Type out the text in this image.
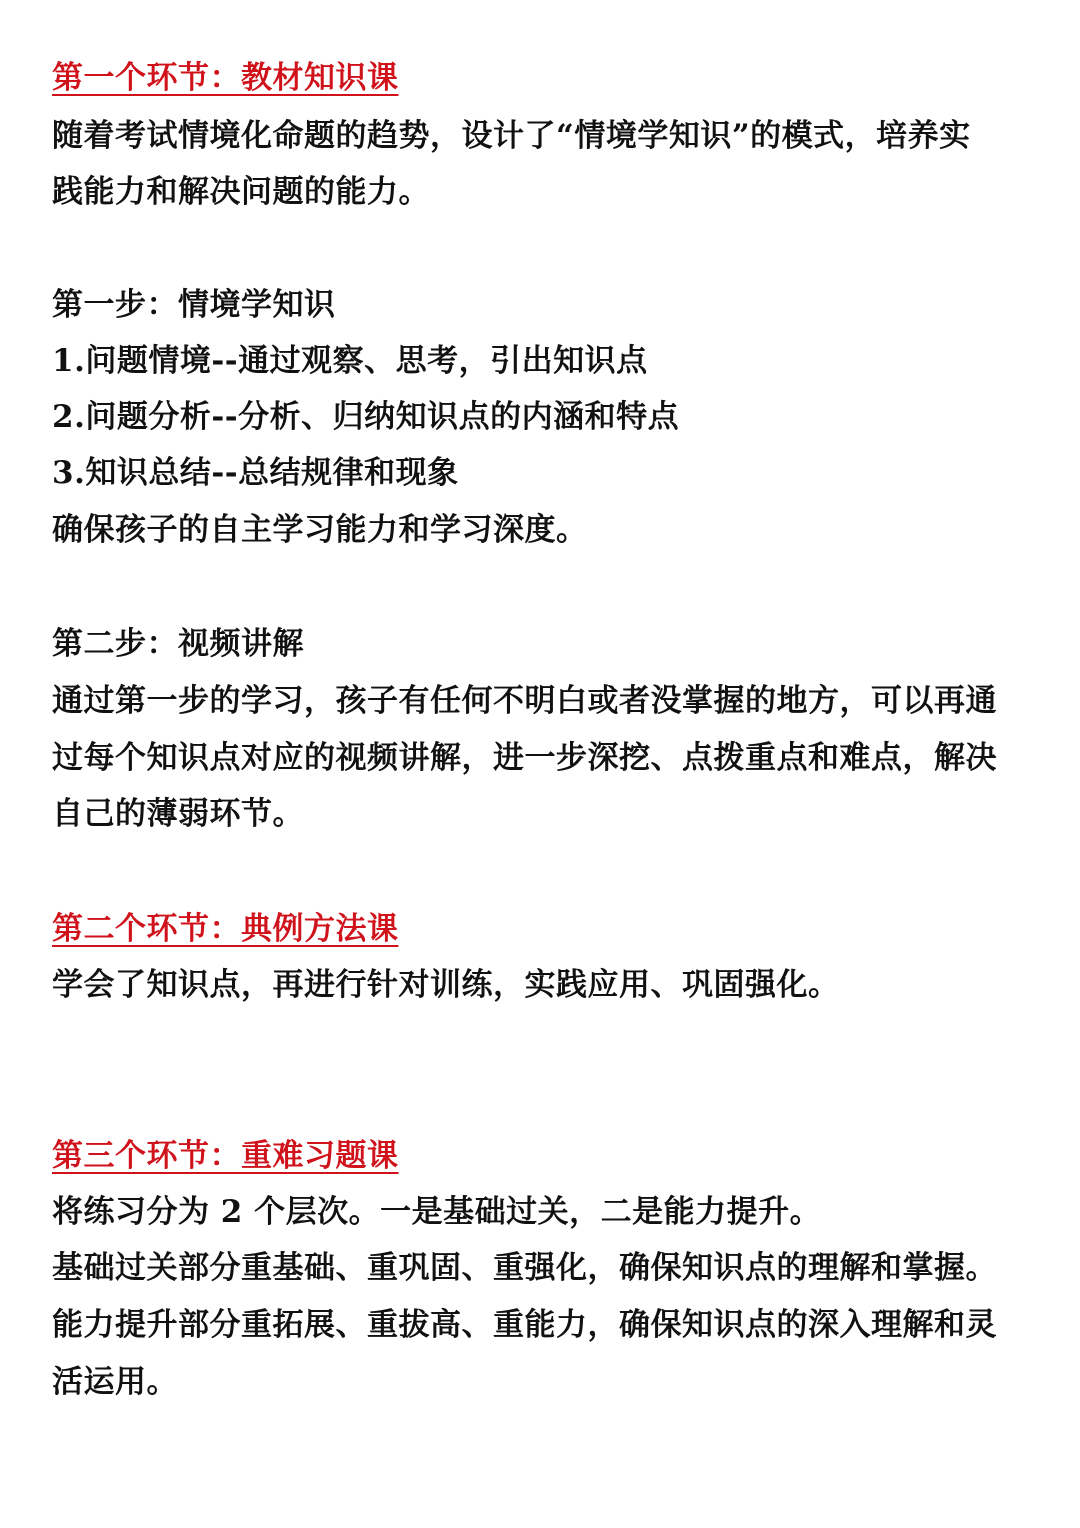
第一个环节：教材知识课
随着考试情境化命题的趋势，设计了“情境学知识”的模式，培养实
践能力和解决问题的能力。
第一步：情境学知识
1.问题情境--通过观察、思考，引出知识点
2.问题分析--分析、归纳知识点的内涵和特点
3.知识总结--总结规律和现象
确保孩子的自主学习能力和学习深度。
第二步：视频讲解
通过第一步的学习，孩子有任何不明白或者没掌握的地方，可以再通
过每个知识点对应的视频讲解，进一步深挖、点拨重点和难点，解决
自己的薄弱环节。
第二个环节：典例方法课
学会了知识点，再进行针对训练，实践应用、巩固强化。
第三个环节：重难习题课
将练习分为 2 个层次。一是基础过关，二是能力提升。
基础过关部分重基础、重巩固、重强化，确保知识点的理解和掌握。
能力提升部分重拓展、重拔高、重能力，确保知识点的深入理解和灵
活运用。
